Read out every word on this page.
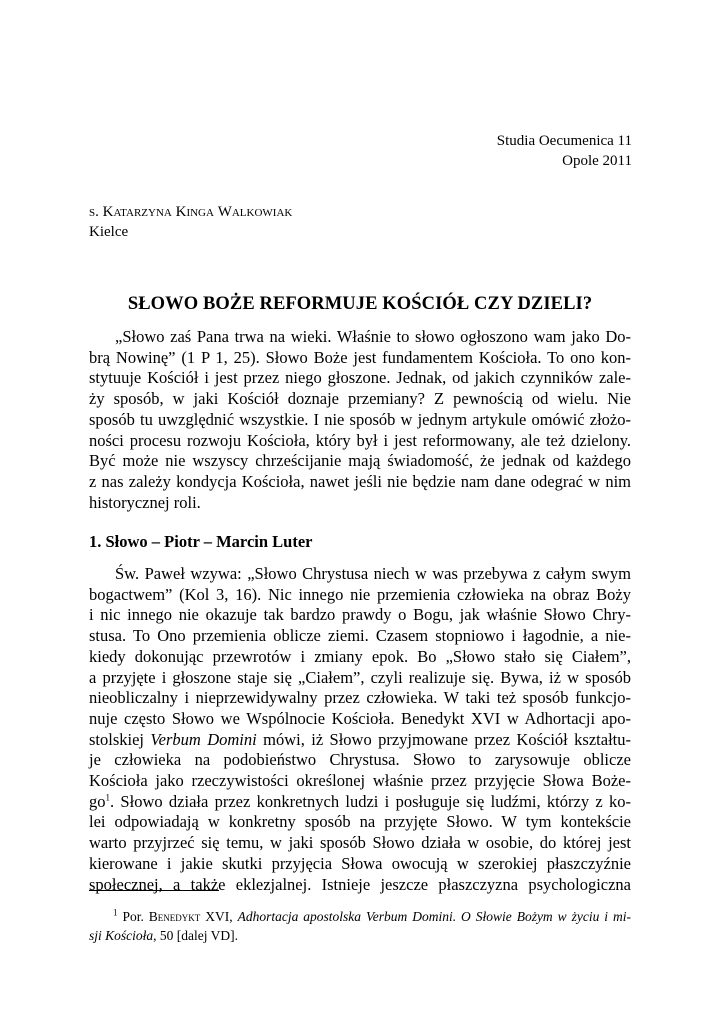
Studia Oecumenica 11
Opole 2011
s. Katarzyna Kinga Walkowiak
Kielce
SŁOWO BOŻE REFORMUJE KOŚCIÓŁ CZY DZIELI?
„Słowo zaś Pana trwa na wieki. Właśnie to słowo ogłoszono wam jako Do-
brą Nowinę” (1 P 1, 25). Słowo Boże jest fundamentem Kościoła. To ono kon-
stytuuje Kościół i jest przez niego głoszone. Jednak, od jakich czynników zale-
ży sposób, w jaki Kościół doznaje przemiany? Z pewnością od wielu. Nie
sposób tu uwzględnić wszystkie. I nie sposób w jednym artykule omówić złożo-
ności procesu rozwoju Kościoła, który był i jest reformowany, ale też dzielony.
Być może nie wszyscy chrześcijanie mają świadomość, że jednak od każdego
z nas zależy kondycja Kościoła, nawet jeśli nie będzie nam dane odegrać w nim
historycznej roli.
1. Słowo – Piotr – Marcin Luter
Św. Paweł wzywa: „Słowo Chrystusa niech w was przebywa z całym swym
bogactwem” (Kol 3, 16). Nic innego nie przemienia człowieka na obraz Boży
i nic innego nie okazuje tak bardzo prawdy o Bogu, jak właśnie Słowo Chry-
stusa. To Ono przemienia oblicze ziemi. Czasem stopniowo i łagodnie, a nie-
kiedy dokonując przewrotów i zmiany epok. Bo „Słowo stało się Ciałem”,
a przyjęte i głoszone staje się „Ciałem”, czyli realizuje się. Bywa, iż w sposób
nieobliczalny i nieprzewidywalny przez człowieka. W taki też sposób funkcjo-
nuje często Słowo we Wspólnocie Kościoła. Benedykt XVI w Adhortacji apo-
stolskiej Verbum Domini mówi, iż Słowo przyjmowane przez Kościół kształtu-
je człowieka na podobieństwo Chrystusa. Słowo to zarysowuje oblicze
Kościoła jako rzeczywistości określonej właśnie przez przyjęcie Słowa Boże-
$go^1$. Słowo działa przez konkretnych ludzi i posługuje się ludźmi, którzy z ko-
lei odpowiadają w konkretny sposób na przyjęte Słowo. W tym kontekście
warto przyjrzeć się temu, w jaki sposób Słowo działa w osobie, do której jest
kierowane i jakie skutki przyjęcia Słowa owocują w szerokiej płaszczyźnie
społecznej, a także eklezjalnej. Istnieje jeszcze płaszczyzna psychologiczna
$^1$ Por. Benedykt XVI, Adhortacja apostolska Verbum Domini. O Słowie Bożym w życiu i mi-
sji Kościoła, 50 [dalej VD].
